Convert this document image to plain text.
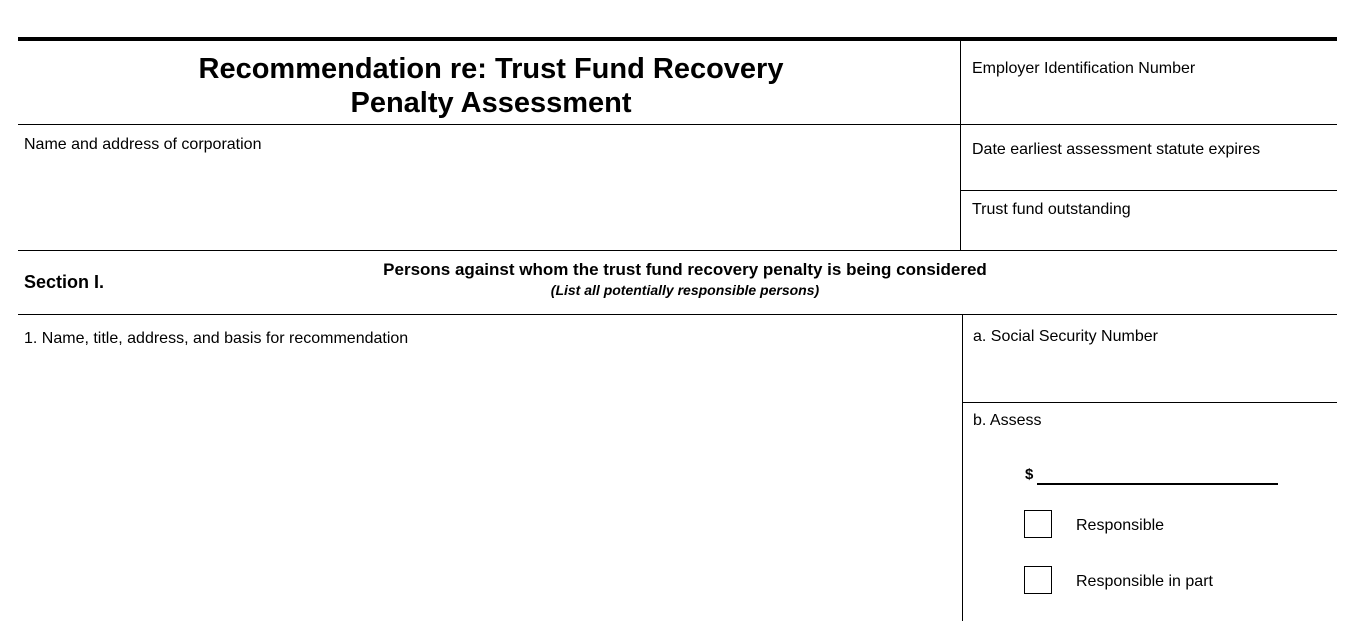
Recommendation re: Trust Fund Recovery
Penalty Assessment
Employer Identification Number
Name and address of corporation	Date earliest assessment statute expires
Trust fund outstanding
Section I.
Persons against whom the trust fund recovery penalty is being considered
(List all potentially responsible persons)
1. Name, title, address, and basis for recommendation	a. Social Security Number
b. Assess
$
Responsible
Responsible in part
